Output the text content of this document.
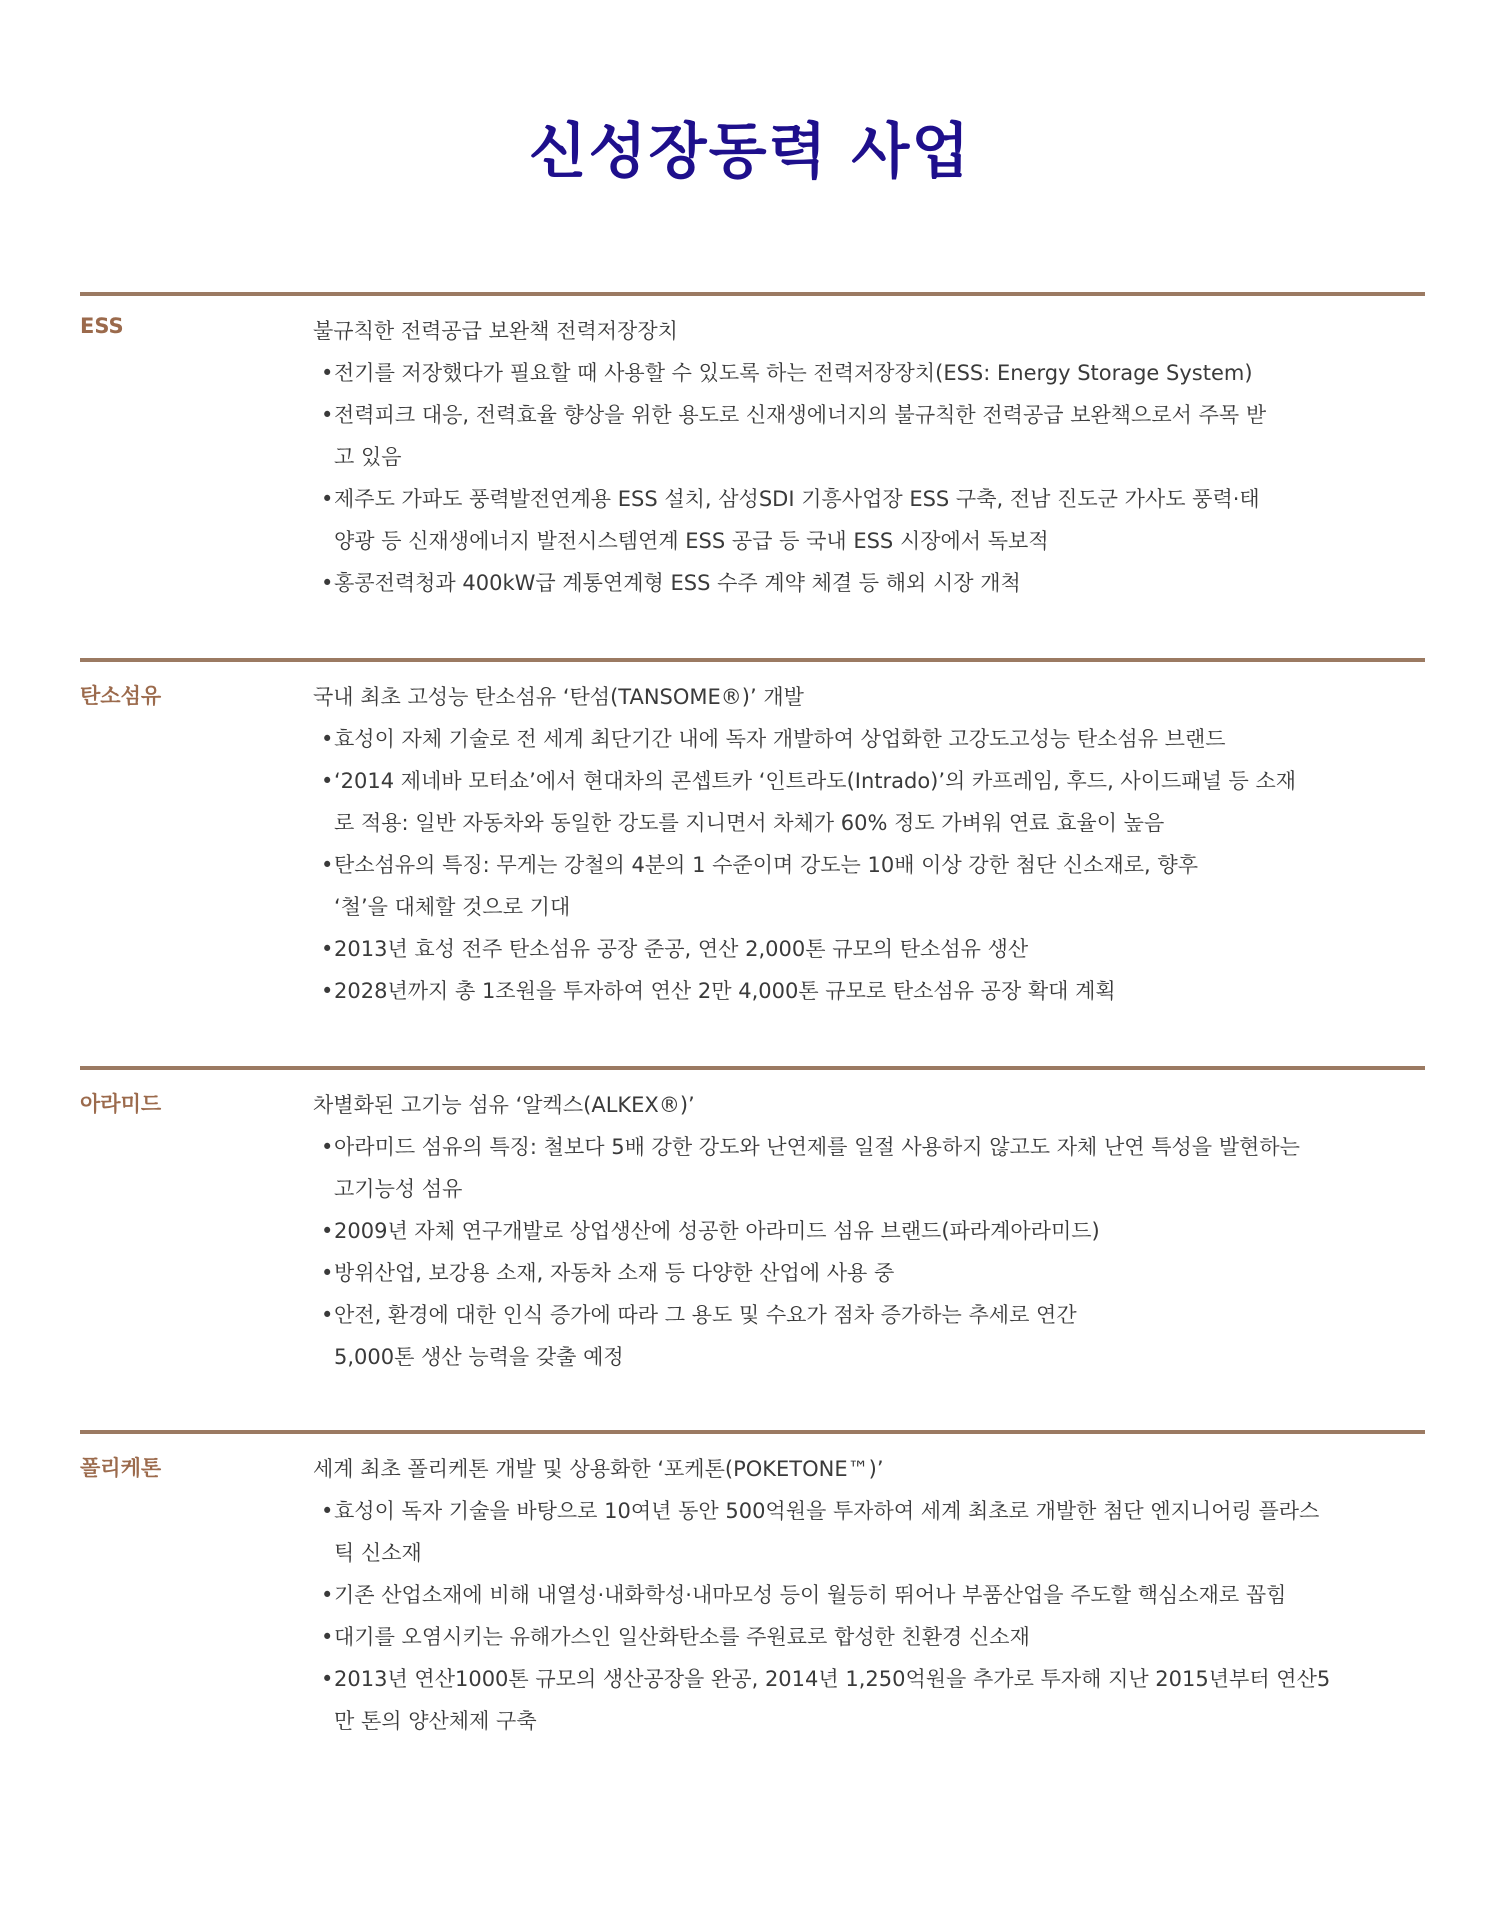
신성장동력 사업
ESS	불규칙한 전력공급 보완책 전력저장장치
• 전기를 저장했다가 필요할 때 사용할 수 있도록 하는 전력저장장치(ESS: Energy Storage System)
• 전력피크 대응, 전력효율 향상을 위한 용도로 신재생에너지의 불규칙한 전력공급 보완책으로서 주목 받고 있음
• 제주도 가파도 풍력발전연계용 ESS 설치, 삼성SDI 기흥사업장 ESS 구축, 전남 진도군 가사도 풍력·태양광 등 신재생에너지 발전시스템연계 ESS 공급 등 국내 ESS 시장에서 독보적
• 홍콩전력청과 400kW급 계통연계형 ESS 수주 계약 체결 등 해외 시장 개척
탄소섬유	국내 최초 고성능 탄소섬유 ‘탄섬(TANSOME®)’ 개발
• 효성이 자체 기술로 전 세계 최단기간 내에 독자 개발하여 상업화한 고강도고성능 탄소섬유 브랜드
• ‘2014 제네바 모터쇼’에서 현대차의 콘셉트카 ‘인트라도(Intrado)’의 카프레임, 후드, 사이드패널 등 소재로 적용: 일반 자동차와 동일한 강도를 지니면서 차체가 60% 정도 가벼워 연료 효율이 높음
• 탄소섬유의 특징: 무게는 강철의 4분의 1 수준이며 강도는 10배 이상 강한 첨단 신소재로, 향후 ‘철’을 대체할 것으로 기대
• 2013년 효성 전주 탄소섬유 공장 준공, 연산 2,000톤 규모의 탄소섬유 생산
• 2028년까지 총 1조원을 투자하여 연산 2만 4,000톤 규모로 탄소섬유 공장 확대 계획
아라미드	차별화된 고기능 섬유 ‘알켁스(ALKEX®)’
• 아라미드 섬유의 특징: 철보다 5배 강한 강도와 난연제를 일절 사용하지 않고도 자체 난연 특성을 발현하는 고기능성 섬유
• 2009년 자체 연구개발로 상업생산에 성공한 아라미드 섬유 브랜드(파라계아라미드)
• 방위산업, 보강용 소재, 자동차 소재 등 다양한 산업에 사용 중
• 안전, 환경에 대한 인식 증가에 따라 그 용도 및 수요가 점차 증가하는 추세로 연간 5,000톤 생산 능력을 갖출 예정
폴리케톤	세계 최초 폴리케톤 개발 및 상용화한 ‘포케톤(POKETONE™)’
• 효성이 독자 기술을 바탕으로 10여년 동안 500억원을 투자하여 세계 최초로 개발한 첨단 엔지니어링 플라스틱 신소재
• 기존 산업소재에 비해 내열성·내화학성·내마모성 등이 월등히 뛰어나 부품산업을 주도할 핵심소재로 꼽힘
• 대기를 오염시키는 유해가스인 일산화탄소를 주원료로 합성한 친환경 신소재
• 2013년 연산1000톤 규모의 생산공장을 완공, 2014년 1,250억원을 추가로 투자해 지난 2015년부터 연산5만 톤의 양산체제 구축
